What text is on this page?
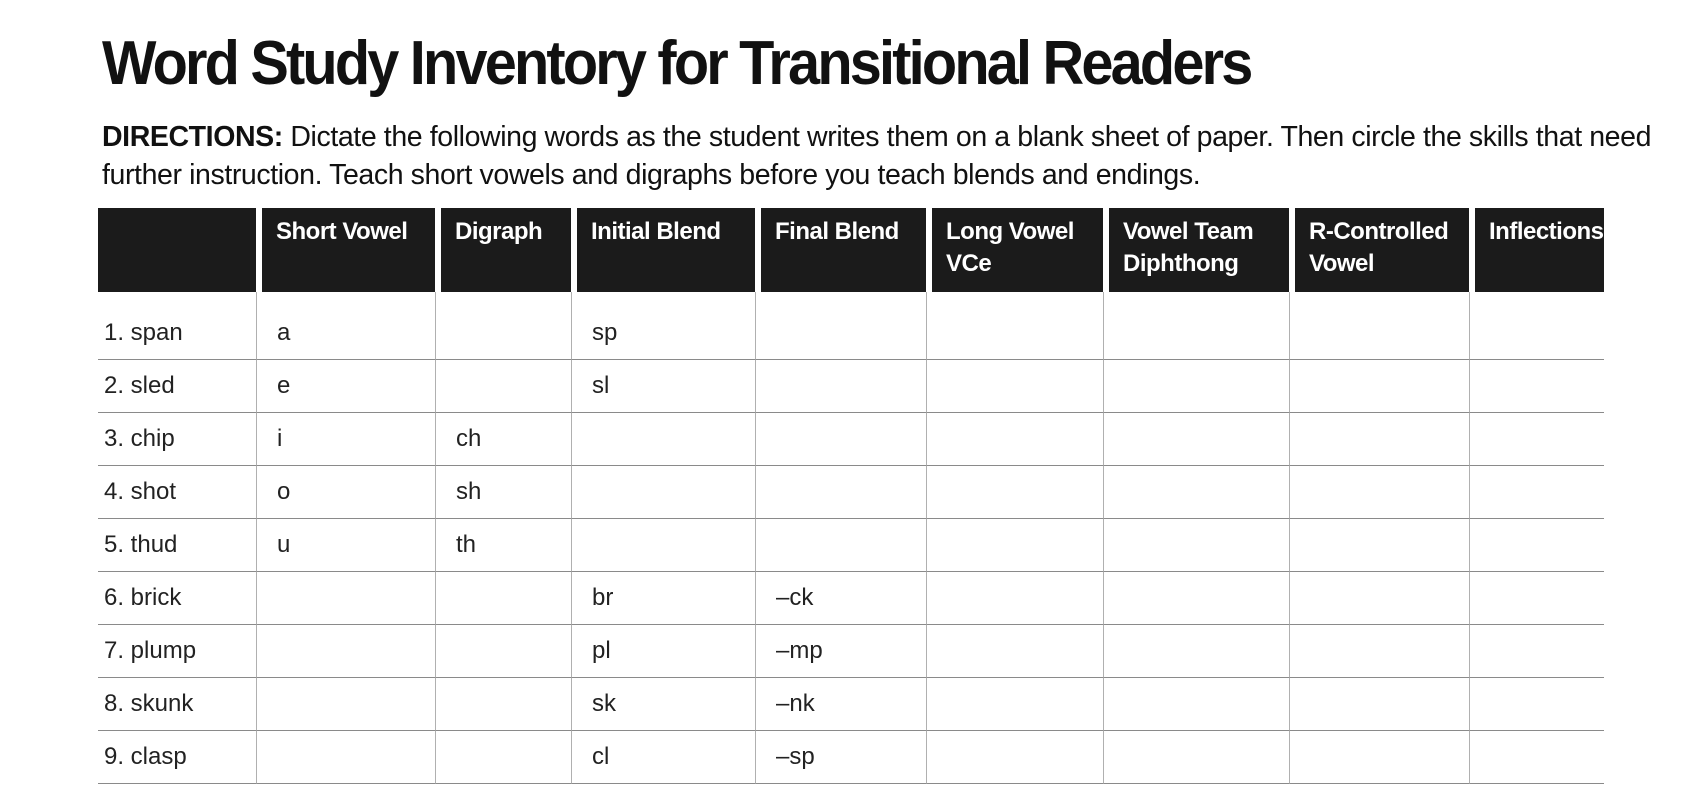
Word Study Inventory for Transitional Readers

DIRECTIONS: Dictate the following words as the student writes them on a blank sheet of paper. Then circle the skills that need further instruction. Teach short vowels and digraphs before you teach blends and endings.

	Short Vowel	Digraph	Initial Blend	Final Blend	Long Vowel VCe	Vowel Team Diphthong	R-Controlled Vowel	Inflections
1. span	a		sp					
2. sled	e		sl					
3. chip	i	ch						
4. shot	o	sh						
5. thud	u	th						
6. brick			br	–ck				
7. plump			pl	–mp				
8. skunk			sk	–nk				
9. clasp			cl	–sp				
